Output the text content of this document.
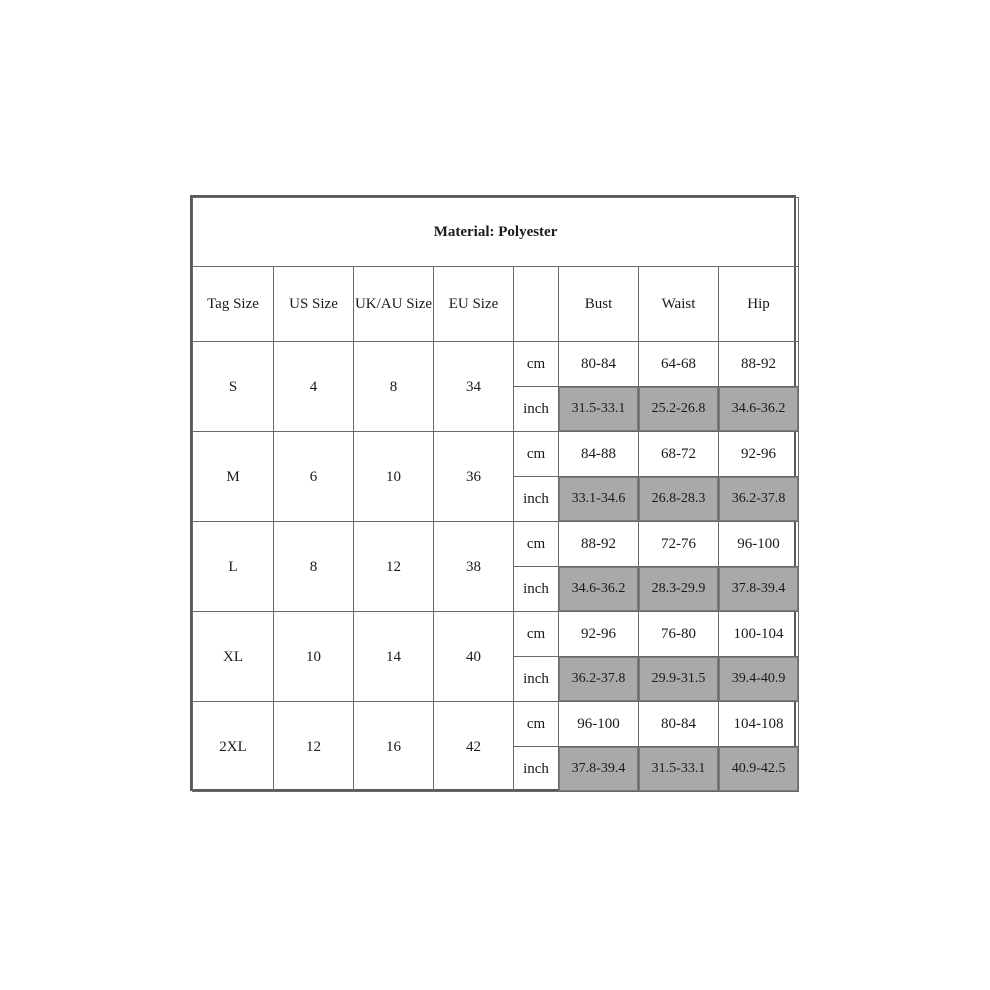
Material: Polyester							
Tag Size	US Size	UK/AU Size	EU Size		Bust	Waist	Hip
S	4	8	34	cm	80-84	64-68	88-92
				inch	31.5-33.1	25.2-26.8	34.6-36.2

M	6	10	36	cm	84-88	68-72	92-96
				inch	33.1-34.6	26.8-28.3	36.2-37.8

L	8	12	38	cm	88-92	72-76	96-100
				inch	34.6-36.2	28.3-29.9	37.8-39.4

XL	10	14	40	cm	92-96	76-80	100-104
				inch	36.2-37.8	29.9-31.5	39.4-40.9

2XL	12	16	42	cm	96-100	80-84	104-108
				inch	37.8-39.4	31.5-33.1	40.9-42.5
